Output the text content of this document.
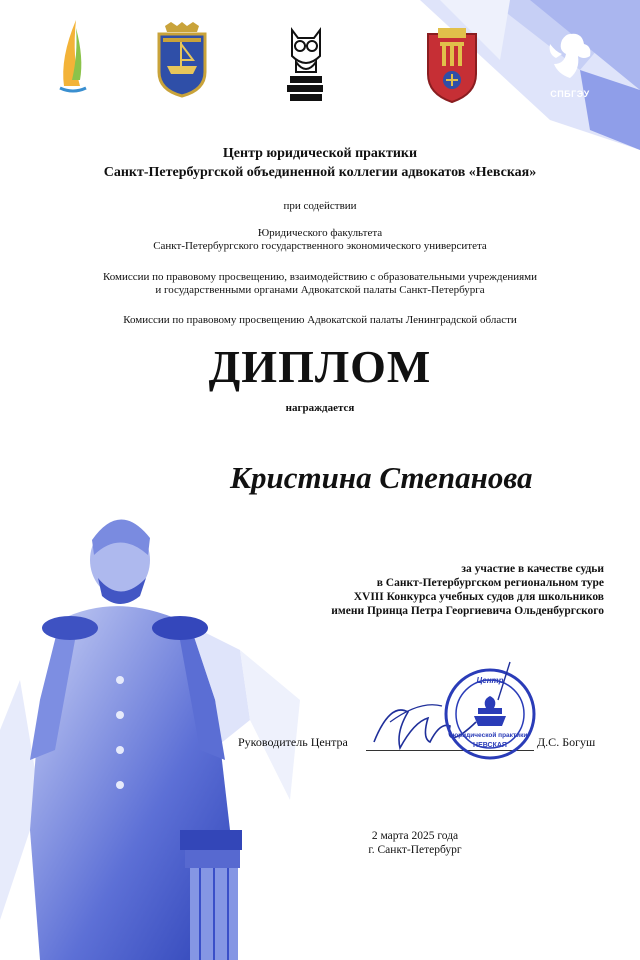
СПБГЭУ
Центр юридической практики
Санкт-Петербургской объединенной коллегии адвокатов «Невская»
при содействии
Юридического факультета
Санкт-Петербургского государственного экономического университета
Комиссии по правовому просвещению, взаимодействию с образовательными учреждениями
и государственными органами Адвокатской палаты Санкт-Петербурга
Комиссии по правовому просвещению Адвокатской палаты Ленинградской области
ДИПЛОМ
награждается
Кристина Степанова
за участие в качестве судьи
в Санкт-Петербургском региональном туре
XVIII Конкурса учебных судов для школьников
имени Принца Петра Георгиевича Ольденбургского
Руководитель Центра	Д.С. Богуш
Центр
юридической практики
НЕВСКАЯ
2 марта 2025 года
г. Санкт-Петербург
